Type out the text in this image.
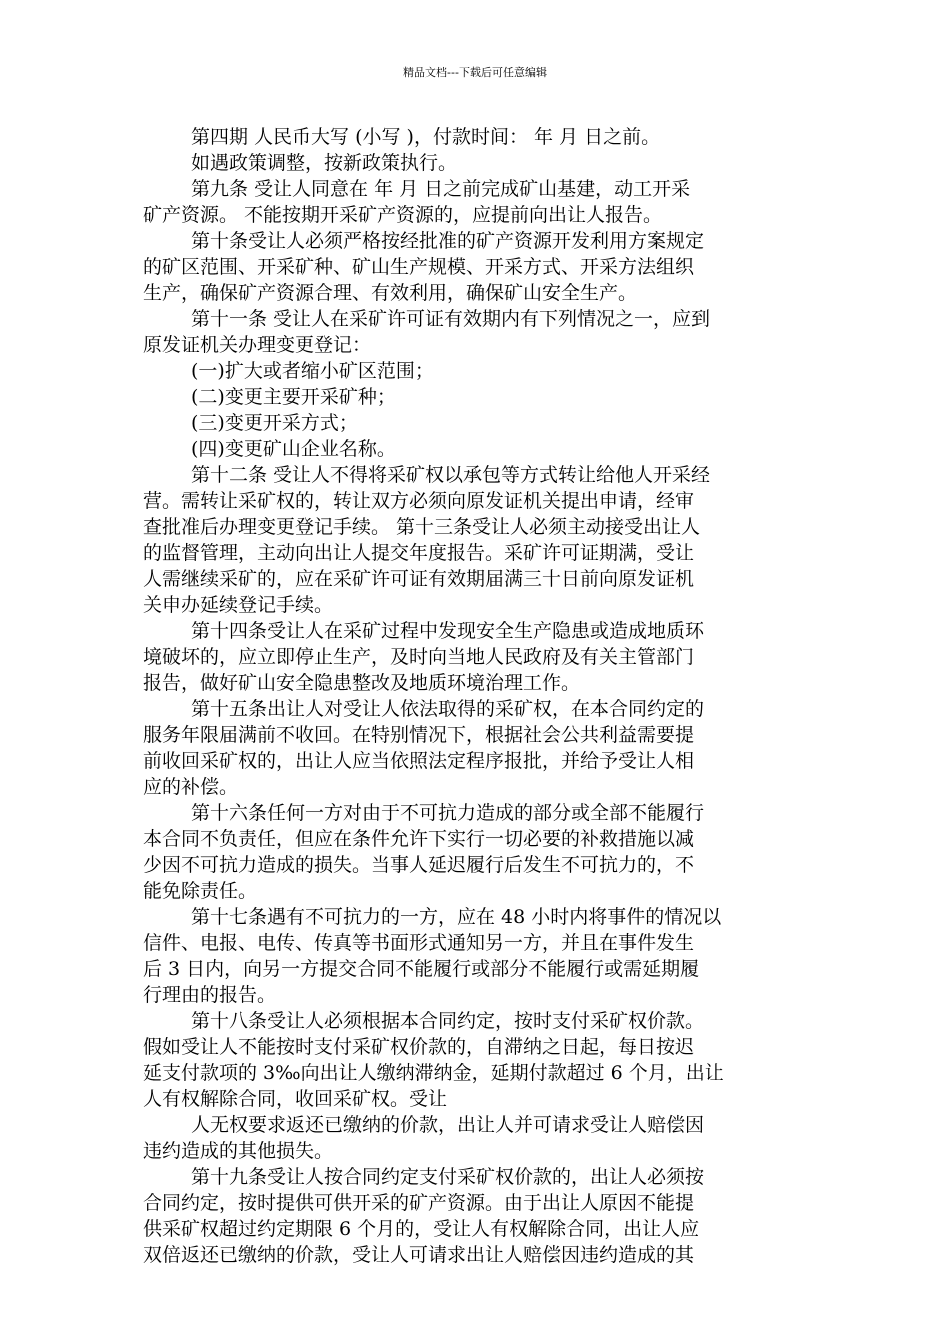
精品文档---下载后可任意编辑
第四期 人民币大写 (小写 )，付款时间： 年 月 日之前。
如遇政策调整，按新政策执行。
第九条 受让人同意在 年 月 日之前完成矿山基建，动工开采
矿产资源。 不能按期开采矿产资源的，应提前向出让人报告。
第十条受让人必须严格按经批准的矿产资源开发利用方案规定
的矿区范围、开采矿种、矿山生产规模、开采方式、开采方法组织
生产，确保矿产资源合理、有效利用，确保矿山安全生产。
第十一条 受让人在采矿许可证有效期内有下列情况之一，应到
原发证机关办理变更登记：
(一)扩大或者缩小矿区范围；
(二)变更主要开采矿种；
(三)变更开采方式；
(四)变更矿山企业名称。
第十二条 受让人不得将采矿权以承包等方式转让给他人开采经
营。需转让采矿权的，转让双方必须向原发证机关提出申请，经审
查批准后办理变更登记手续。 第十三条受让人必须主动接受出让人
的监督管理，主动向出让人提交年度报告。采矿许可证期满，受让
人需继续采矿的，应在采矿许可证有效期届满三十日前向原发证机
关申办延续登记手续。
第十四条受让人在采矿过程中发现安全生产隐患或造成地质环
境破坏的，应立即停止生产，及时向当地人民政府及有关主管部门
报告，做好矿山安全隐患整改及地质环境治理工作。
第十五条出让人对受让人依法取得的采矿权，在本合同约定的
服务年限届满前不收回。在特别情况下，根据社会公共利益需要提
前收回采矿权的，出让人应当依照法定程序报批，并给予受让人相
应的补偿。
第十六条任何一方对由于不可抗力造成的部分或全部不能履行
本合同不负责任，但应在条件允许下实行一切必要的补救措施以减
少因不可抗力造成的损失。当事人延迟履行后发生不可抗力的，不
能免除责任。
第十七条遇有不可抗力的一方，应在 48 小时内将事件的情况以
信件、电报、电传、传真等书面形式通知另一方，并且在事件发生
后 3 日内，向另一方提交合同不能履行或部分不能履行或需延期履
行理由的报告。
第十八条受让人必须根据本合同约定，按时支付采矿权价款。
假如受让人不能按时支付采矿权价款的，自滞纳之日起，每日按迟
延支付款项的 3‰向出让人缴纳滞纳金，延期付款超过 6 个月，出让
人有权解除合同，收回采矿权。受让
人无权要求返还已缴纳的价款，出让人并可请求受让人赔偿因
违约造成的其他损失。
第十九条受让人按合同约定支付采矿权价款的，出让人必须按
合同约定，按时提供可供开采的矿产资源。由于出让人原因不能提
供采矿权超过约定期限 6 个月的，受让人有权解除合同，出让人应
双倍返还已缴纳的价款，受让人可请求出让人赔偿因违约造成的其
